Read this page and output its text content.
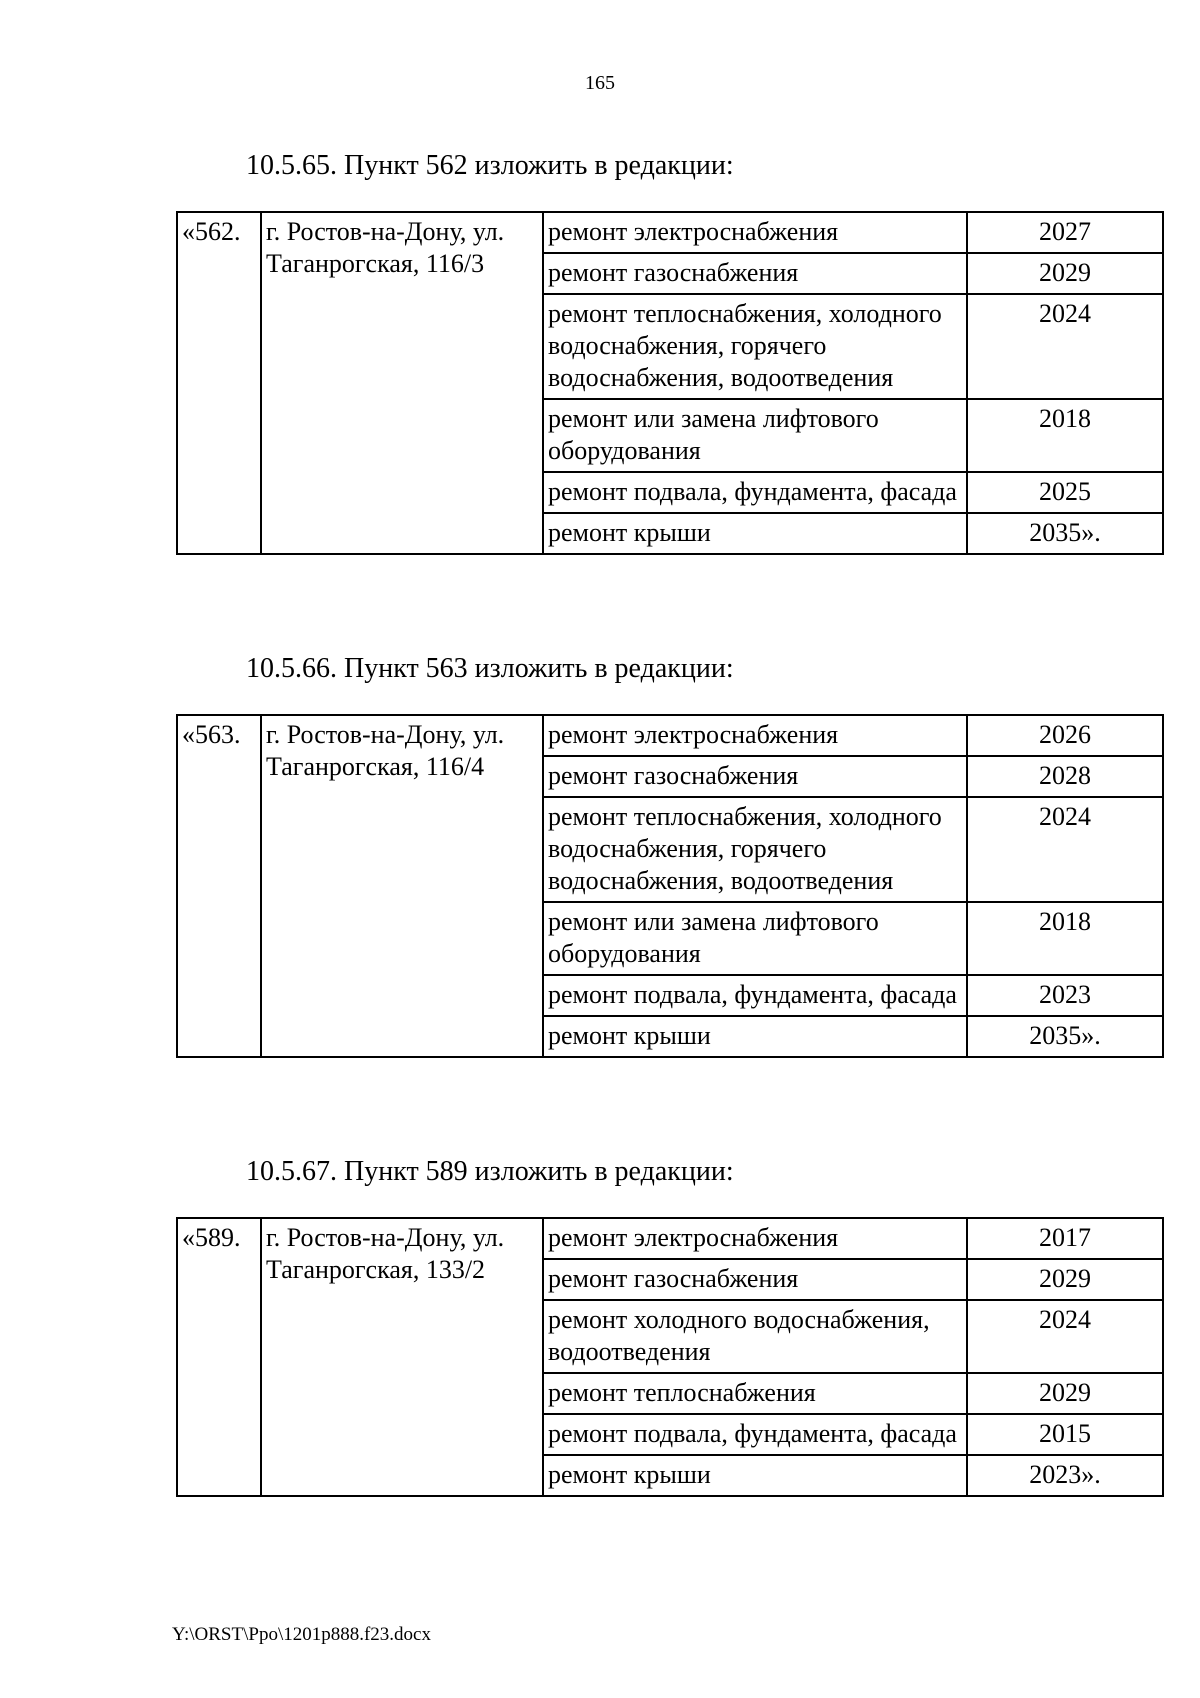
165
10.5.65. Пункт 562 изложить в редакции:
«562.	г. Ростов-на-Дону, ул. Таганрогская, 116/3	ремонт электроснабжения	2027
		ремонт газоснабжения	2029
		ремонт теплоснабжения, холодного водоснабжения, горячего водоснабжения, водоотведения	2024
		ремонт или замена лифтового оборудования	2018
		ремонт подвала, фундамента, фасада	2025
		ремонт крыши	2035».
10.5.66. Пункт 563 изложить в редакции:
«563.	г. Ростов-на-Дону, ул. Таганрогская, 116/4	ремонт электроснабжения	2026
		ремонт газоснабжения	2028
		ремонт теплоснабжения, холодного водоснабжения, горячего водоснабжения, водоотведения	2024
		ремонт или замена лифтового оборудования	2018
		ремонт подвала, фундамента, фасада	2023
		ремонт крыши	2035».
10.5.67. Пункт 589 изложить в редакции:
«589.	г. Ростов-на-Дону, ул. Таганрогская, 133/2	ремонт электроснабжения	2017
		ремонт газоснабжения	2029
		ремонт холодного водоснабжения, водоотведения	2024
		ремонт теплоснабжения	2029
		ремонт подвала, фундамента, фасада	2015
		ремонт крыши	2023».
Y:\ORST\Ppo\1201p888.f23.docx
